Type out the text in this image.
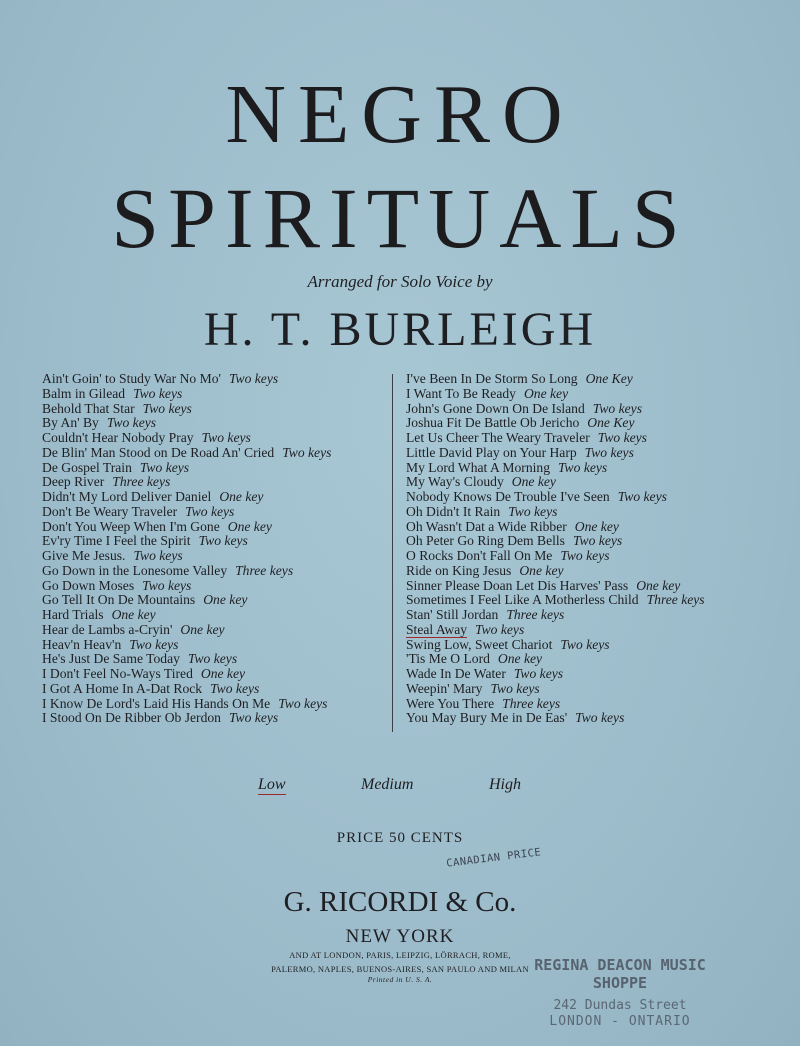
NEGRO
SPIRITUALS
Arranged for Solo Voice by
H. T. BURLEIGH
Ain't Goin' to Study War No Mo' Two keys
Balm in Gilead Two keys
Behold That Star Two keys
By An' By Two keys
Couldn't Hear Nobody Pray Two keys
De Blin' Man Stood on De Road An' Cried Two keys
De Gospel Train Two keys
Deep River Three keys
Didn't My Lord Deliver Daniel One key
Don't Be Weary Traveler Two keys
Don't You Weep When I'm Gone One key
Ev'ry Time I Feel the Spirit Two keys
Give Me Jesus. Two keys
Go Down in the Lonesome Valley Three keys
Go Down Moses Two keys
Go Tell It On De Mountains One key
Hard Trials One key
Hear de Lambs a-Cryin' One key
Heav'n Heav'n Two keys
He's Just De Same Today Two keys
I Don't Feel No-Ways Tired One key
I Got A Home In A-Dat Rock Two keys
I Know De Lord's Laid His Hands On Me Two keys
I Stood On De Ribber Ob Jerdon Two keys
I've Been In De Storm So Long One Key
I Want To Be Ready One key
John's Gone Down On De Island Two keys
Joshua Fit De Battle Ob Jericho One Key
Let Us Cheer The Weary Traveler Two keys
Little David Play on Your Harp Two keys
My Lord What A Morning Two keys
My Way's Cloudy One key
Nobody Knows De Trouble I've Seen Two keys
Oh Didn't It Rain Two keys
Oh Wasn't Dat a Wide Ribber One key
Oh Peter Go Ring Dem Bells Two keys
O Rocks Don't Fall On Me Two keys
Ride on King Jesus One key
Sinner Please Doan Let Dis Harves' Pass One key
Sometimes I Feel Like A Motherless Child Three keys
Stan' Still Jordan Three keys
Steal Away Two keys
Swing Low, Sweet Chariot Two keys
'Tis Me O Lord One key
Wade In De Water Two keys
Weepin' Mary Two keys
Were You There Three keys
You May Bury Me in De Eas' Two keys
Low	Medium	High
PRICE 50 CENTS
CANADIAN PRICE
G. RICORDI & Co.
NEW YORK
AND AT LONDON, PARIS, LEIPZIG, LÖRRACH, ROME,
PALERMO, NAPLES, BUENOS-AIRES, SAN PAULO AND MILAN
Printed in U. S. A.
REGINA DEACON MUSIC SHOPPE
242 Dundas Street
LONDON - ONTARIO
